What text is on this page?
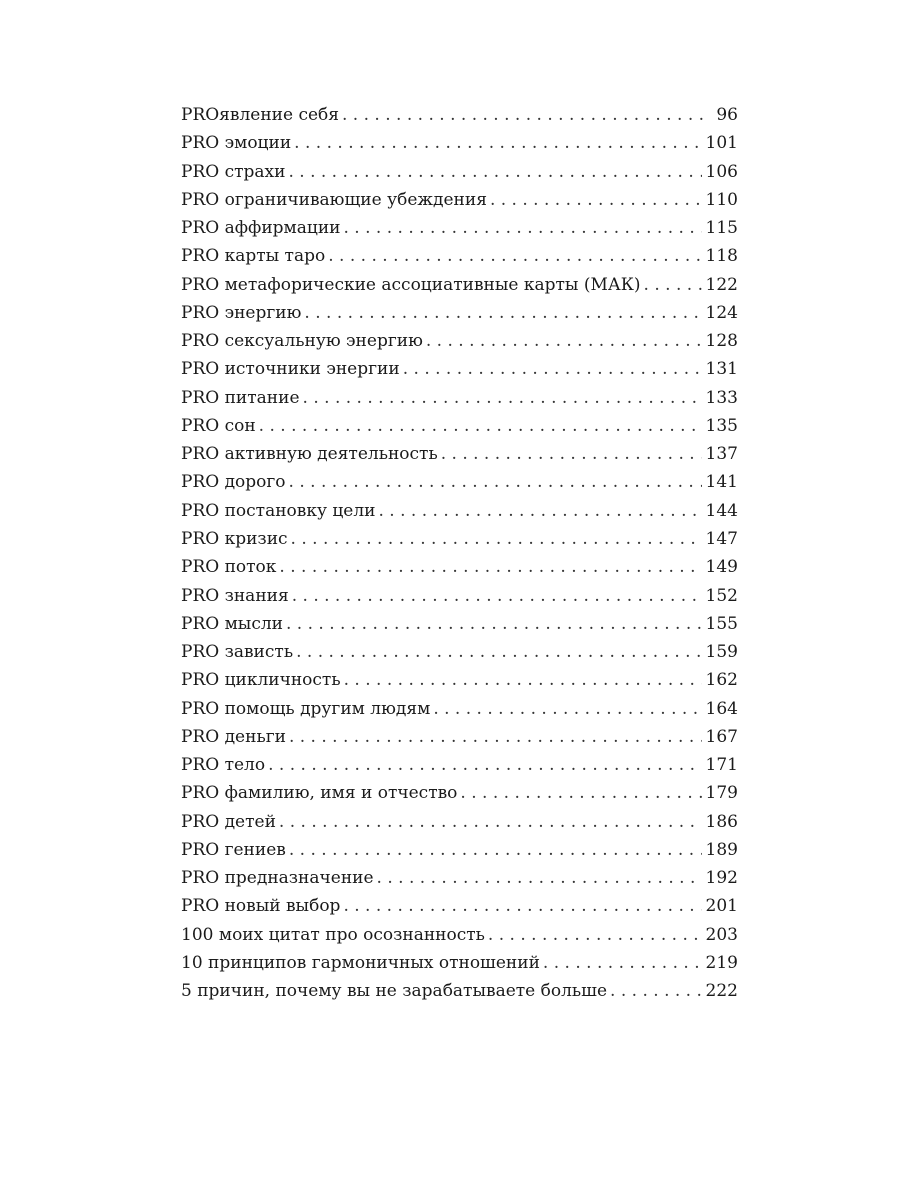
PROявление себя . . .	96
PRO эмоции . . .	101
PRO страхи . . .	106
PRO ограничивающие убеждения . . .	110
PRO аффирмации . . .	115
PRO карты таро . . .	118
PRO метафорические ассоциативные карты (МАК) . . .	122
PRO энергию . . .	124
PRO сексуальную энергию . . .	128
PRO источники энергии . . .	131
PRO питание . . .	133
PRO сон . . .	135
PRO активную деятельность . . .	137
PRO дорого . . .	141
PRO постановку цели . . .	144
PRO кризис . . .	147
PRO поток . . .	149
PRO знания . . .	152
PRO мысли . . .	155
PRO зависть . . .	159
PRO цикличность . . .	162
PRO помощь другим людям . . .	164
PRO деньги . . .	167
PRO тело . . .	171
PRO фамилию, имя и отчество . . .	179
PRO детей . . .	186
PRO гениев . . .	189
PRO предназначение . . .	192
PRO новый выбор . . .	201
100 моих цитат про осознанность . . .	203
10 принципов гармоничных отношений . . .	219
5 причин, почему вы не зарабатываете больше . . .	222
